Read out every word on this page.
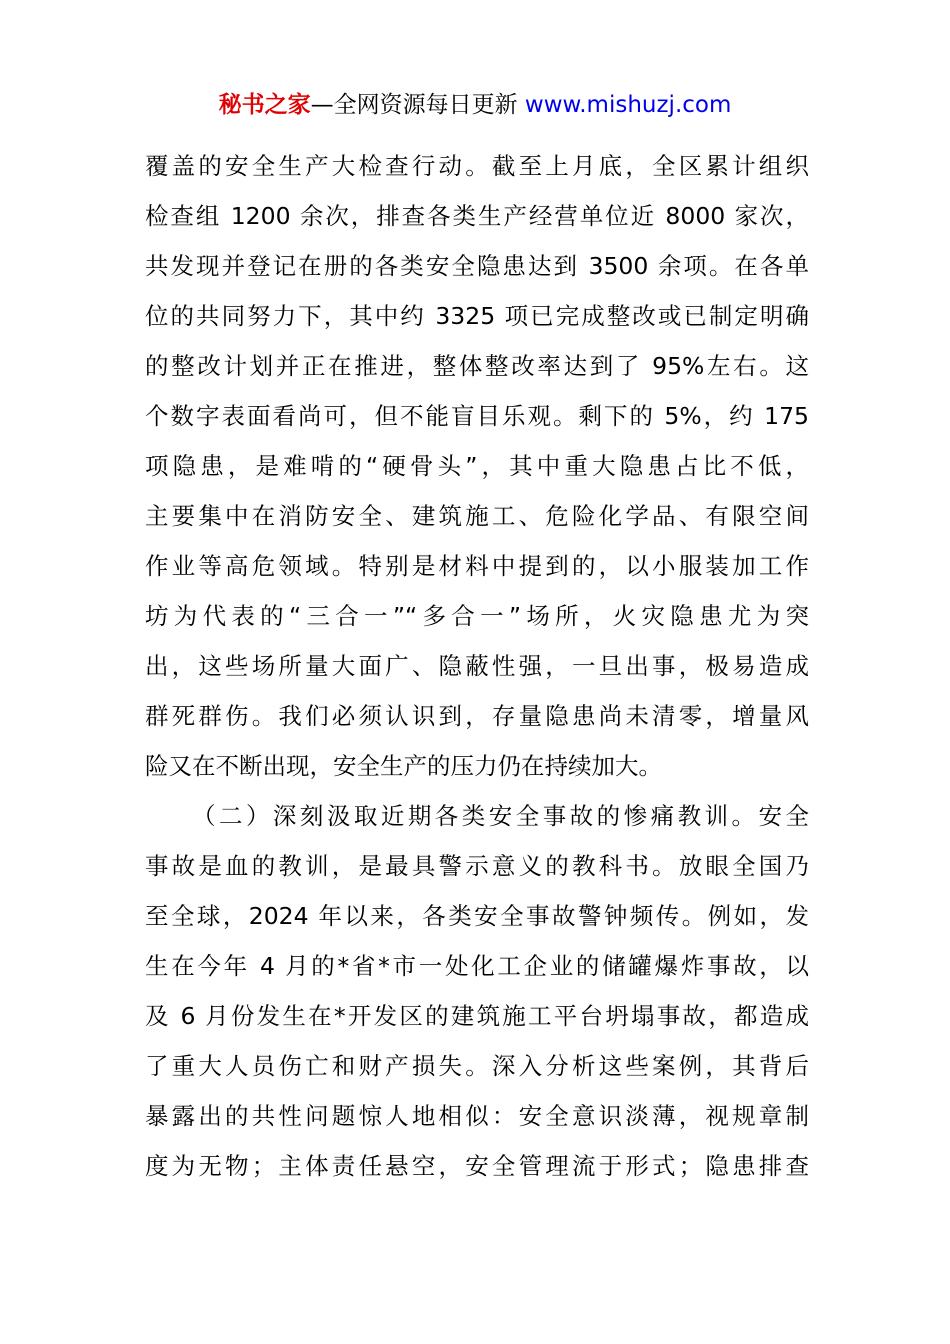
秘书之家—全网资源每日更新 www.mishuzj.com
覆盖的安全生产大检查行动。截至上月底，全区累计组织
检查组 1200 余次，排查各类生产经营单位近 8000 家次，
共发现并登记在册的各类安全隐患达到 3500 余项。在各单
位的共同努力下，其中约 3325 项已完成整改或已制定明确
的整改计划并正在推进，整体整改率达到了 95%左右。这
个数字表面看尚可，但不能盲目乐观。剩下的 5%，约 175
项隐患，是难啃的“硬骨头”，其中重大隐患占比不低，
主要集中在消防安全、建筑施工、危险化学品、有限空间
作业等高危领域。特别是材料中提到的，以小服装加工作
坊为代表的“三合一”“多合一”场所，火灾隐患尤为突
出，这些场所量大面广、隐蔽性强，一旦出事，极易造成
群死群伤。我们必须认识到，存量隐患尚未清零，增量风
险又在不断出现，安全生产的压力仍在持续加大。
（二）深刻汲取近期各类安全事故的惨痛教训。安全
事故是血的教训，是最具警示意义的教科书。放眼全国乃
至全球，2024 年以来，各类安全事故警钟频传。例如，发
生在今年 4 月的*省*市一处化工企业的储罐爆炸事故，以
及 6 月份发生在*开发区的建筑施工平台坍塌事故，都造成
了重大人员伤亡和财产损失。深入分析这些案例，其背后
暴露出的共性问题惊人地相似：安全意识淡薄，视规章制
度为无物；主体责任悬空，安全管理流于形式；隐患排查
